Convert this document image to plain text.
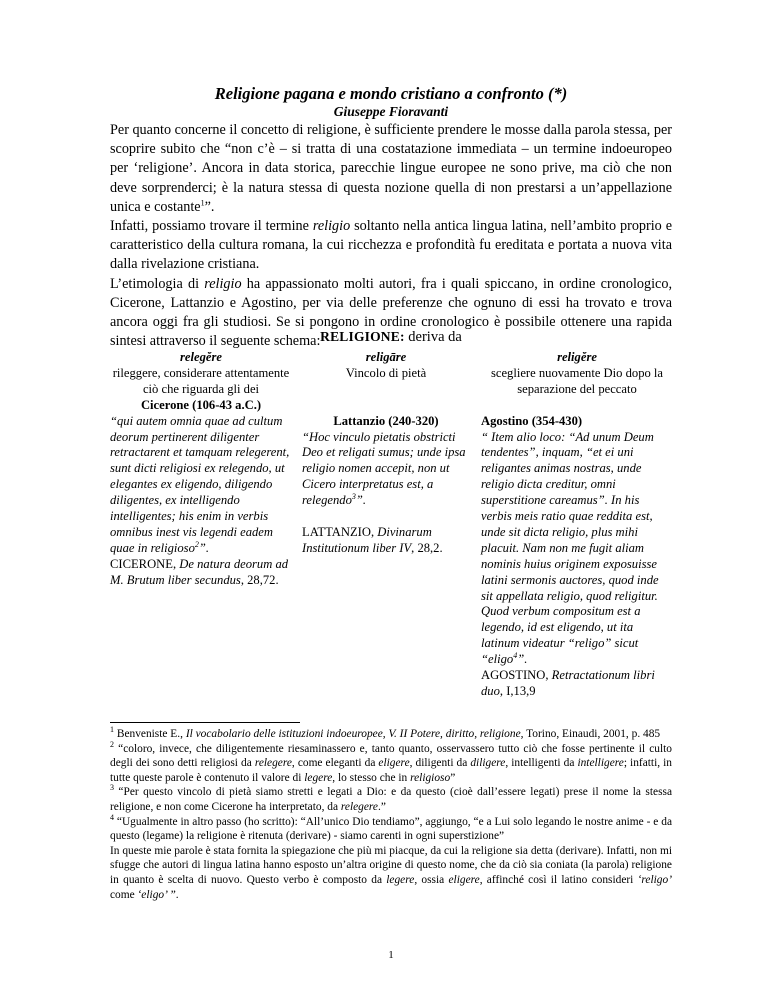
Religione pagana e mondo cristiano a confronto (*)
Giuseppe Fioravanti

Per quanto concerne il concetto di religione, è sufficiente prendere le mosse dalla parola stessa, per scoprire subito che “non c’è – si tratta di una costatazione immediata – un termine indoeuropeo per ‘religione’. Ancora in data storica, parecchie lingue europee ne sono prive, ma ciò che non deve sorprenderci; è la natura stessa di questa nozione quella di non prestarsi a un’appellazione unica e costante$^1$”.

Infatti, possiamo trovare il termine religio soltanto nella antica lingua latina, nell’ambito proprio e caratteristico della cultura romana, la cui ricchezza e profondità fu ereditata e portata a nuova vita dalla rivelazione cristiana.

L’etimologia di religio ha appassionato molti autori, fra i quali spiccano, in ordine cronologico, Cicerone, Lattanzio e Agostino, per via delle preferenze che ognuno di essi ha trovato e trova ancora oggi fra gli studiosi. Se si pongono in ordine cronologico è possibile ottenere una rapida sintesi attraverso il seguente schema: RELIGIONE: deriva da
relegĕre
rileggere, considerare attentamente ciò che riguarda gli dei
Cicerone (106-43 a.C.)
“qui autem omnia quae ad cultum deorum pertinerent diligenter retractarent et tamquam relegerent, sunt dicti religiosi ex relegendo, ut elegantes ex eligendo, diligendo diligentes, ex intelligendo intelligentes; his enim in verbis omnibus inest vis legendi eadem quae in religioso$^2$”.
CICERONE, De natura deorum ad M. Brutum liber secundus, 28,72.
religāre
Vincolo di pietà
Lattanzio (240-320)
“Hoc vinculo pietatis obstricti Deo et religati sumus; unde ipsa religio nomen accepit, non ut Cicero interpretatus est, a relegendo$^3$”.
LATTANZIO, Divinarum Institutionum liber IV, 28,2.
religĕre
scegliere nuovamente Dio dopo la separazione del peccato
Agostino (354-430)
“ Item alio loco: “Ad unum Deum tendentes”, inquam, “et ei uni religantes animas nostras, unde religio dicta creditur, omni superstitione careamus”. In his verbis meis ratio quae reddita est, unde sit dicta religio, plus mihi placuit. Nam non me fugit aliam nominis huius originem exposuisse latini sermonis auctores, quod inde sit appellata religio, quod religitur. Quod verbum compositum est a legendo, id est eligendo, ut ita latinum videatur “religo” sicut “eligo$^4$”.
AGOSTINO, Retractationum libri duo, I,13,9

$^1$ Benveniste E., Il vocabolario delle istituzioni indoeuropee, V. II Potere, diritto, religione, Torino, Einaudi, 2001, p. 485

$^2$ “coloro, invece, che diligentemente riesaminassero e, tanto quanto, osservassero tutto ciò che fosse pertinente il culto degli dei sono detti religiosi da relegere, come eleganti da eligere, diligenti da diligere, intelligenti da intelligere; infatti, in tutte queste parole è contenuto il valore di legere, lo stesso che in religioso”

$^3$ “Per questo vincolo di pietà siamo stretti e legati a Dio: e da questo (cioè dall’essere legati) prese il nome la stessa religione, e non come Cicerone ha interpretato, da relegere.”

$^4$ “Ugualmente in altro passo (ho scritto): “All’unico Dio tendiamo”, aggiungo, “e a Lui solo legando le nostre anime - e da questo (legame) la religione è ritenuta (derivare) - siamo carenti in ogni superstizione”

In queste mie parole è stata fornita la spiegazione che più mi piacque, da cui la religione sia detta (derivare). Infatti, non mi sfugge che autori di lingua latina hanno esposto un’altra origine di questo nome, che da ciò sia coniata (la parola) religione in quanto è scelta di nuovo. Questo verbo è composto da legere, ossia eligere, affinché così il latino consideri ‘religo’ come ‘eligo’ ”.

1
